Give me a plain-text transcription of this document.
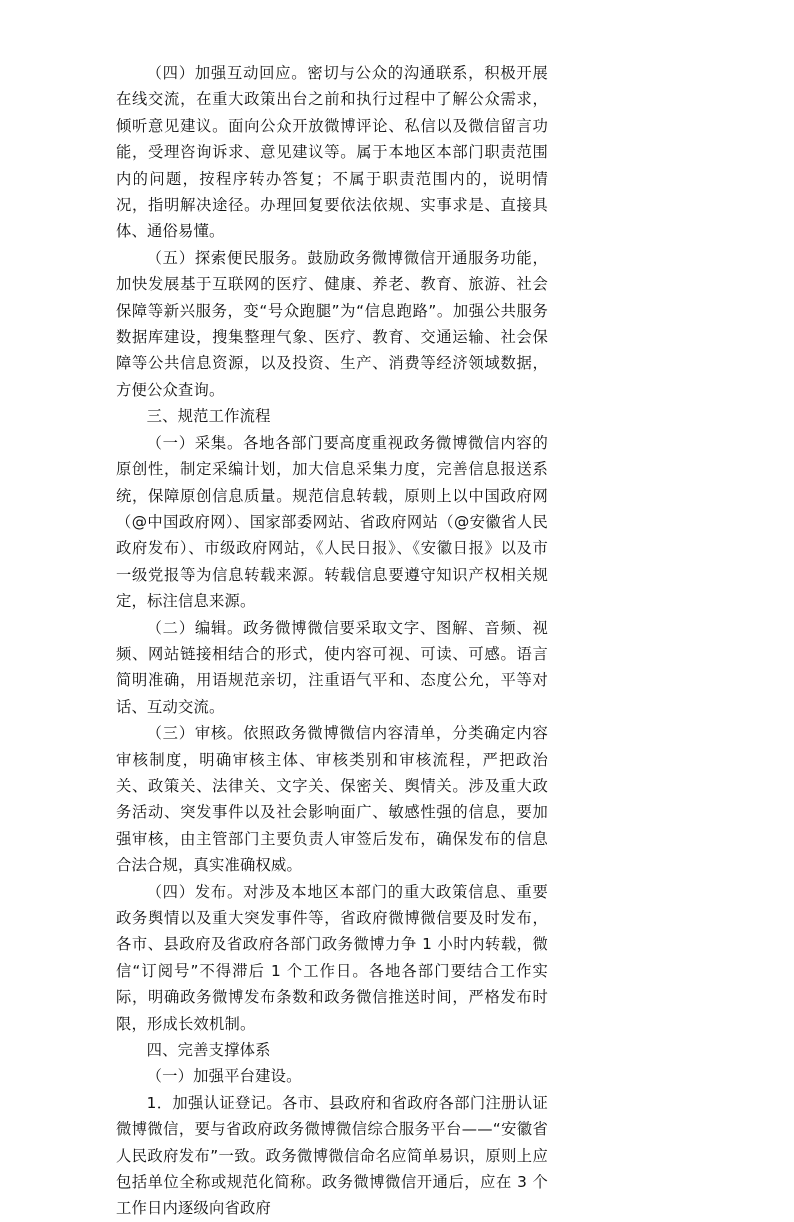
（四）加强互动回应。密切与公众的沟通联系，积极开展在线交流，在重大政策出台之前和执行过程中了解公众需求，倾听意见建议。面向公众开放微博评论、私信以及微信留言功能，受理咨询诉求、意见建议等。属于本地区本部门职责范围内的问题，按程序转办答复；不属于职责范围内的，说明情况，指明解决途径。办理回复要依法依规、实事求是、直接具体、通俗易懂。

（五）探索便民服务。鼓励政务微博微信开通服务功能，加快发展基于互联网的医疗、健康、养老、教育、旅游、社会保障等新兴服务，变“号众跑腿”为“信息跑路”。加强公共服务数据库建设，搜集整理气象、医疗、教育、交通运输、社会保障等公共信息资源，以及投资、生产、消费等经济领域数据，方便公众查询。

三、规范工作流程

（一）采集。各地各部门要高度重视政务微博微信内容的原创性，制定采编计划，加大信息采集力度，完善信息报送系统，保障原创信息质量。规范信息转载，原则上以中国政府网（@中国政府网）、国家部委网站、省政府网站（@安徽省人民政府发布）、市级政府网站，《人民日报》、《安徽日报》以及市一级党报等为信息转载来源。转载信息要遵守知识产权相关规定，标注信息来源。

（二）编辑。政务微博微信要采取文字、图解、音频、视频、网站链接相结合的形式，使内容可视、可读、可感。语言简明准确，用语规范亲切，注重语气平和、态度公允，平等对话、互动交流。

（三）审核。依照政务微博微信内容清单，分类确定内容审核制度，明确审核主体、审核类别和审核流程，严把政治关、政策关、法律关、文字关、保密关、舆情关。涉及重大政务活动、突发事件以及社会影响面广、敏感性强的信息，要加强审核，由主管部门主要负责人审签后发布，确保发布的信息合法合规，真实准确权威。

（四）发布。对涉及本地区本部门的重大政策信息、重要政务舆情以及重大突发事件等，省政府微博微信要及时发布，各市、县政府及省政府各部门政务微博力争 1 小时内转载，微信“订阅号”不得滞后 1 个工作日。各地各部门要结合工作实际，明确政务微博发布条数和政务微信推送时间，严格发布时限，形成长效机制。

四、完善支撑体系

（一）加强平台建设。

1．加强认证登记。各市、县政府和省政府各部门注册认证微博微信，要与省政府政务微博微信综合服务平台——“安徽省人民政府发布”一致。政务微博微信命名应简单易识，原则上应包括单位全称或规范化简称。政务微博微信开通后，应在 3 个工作日内逐级向省政府
